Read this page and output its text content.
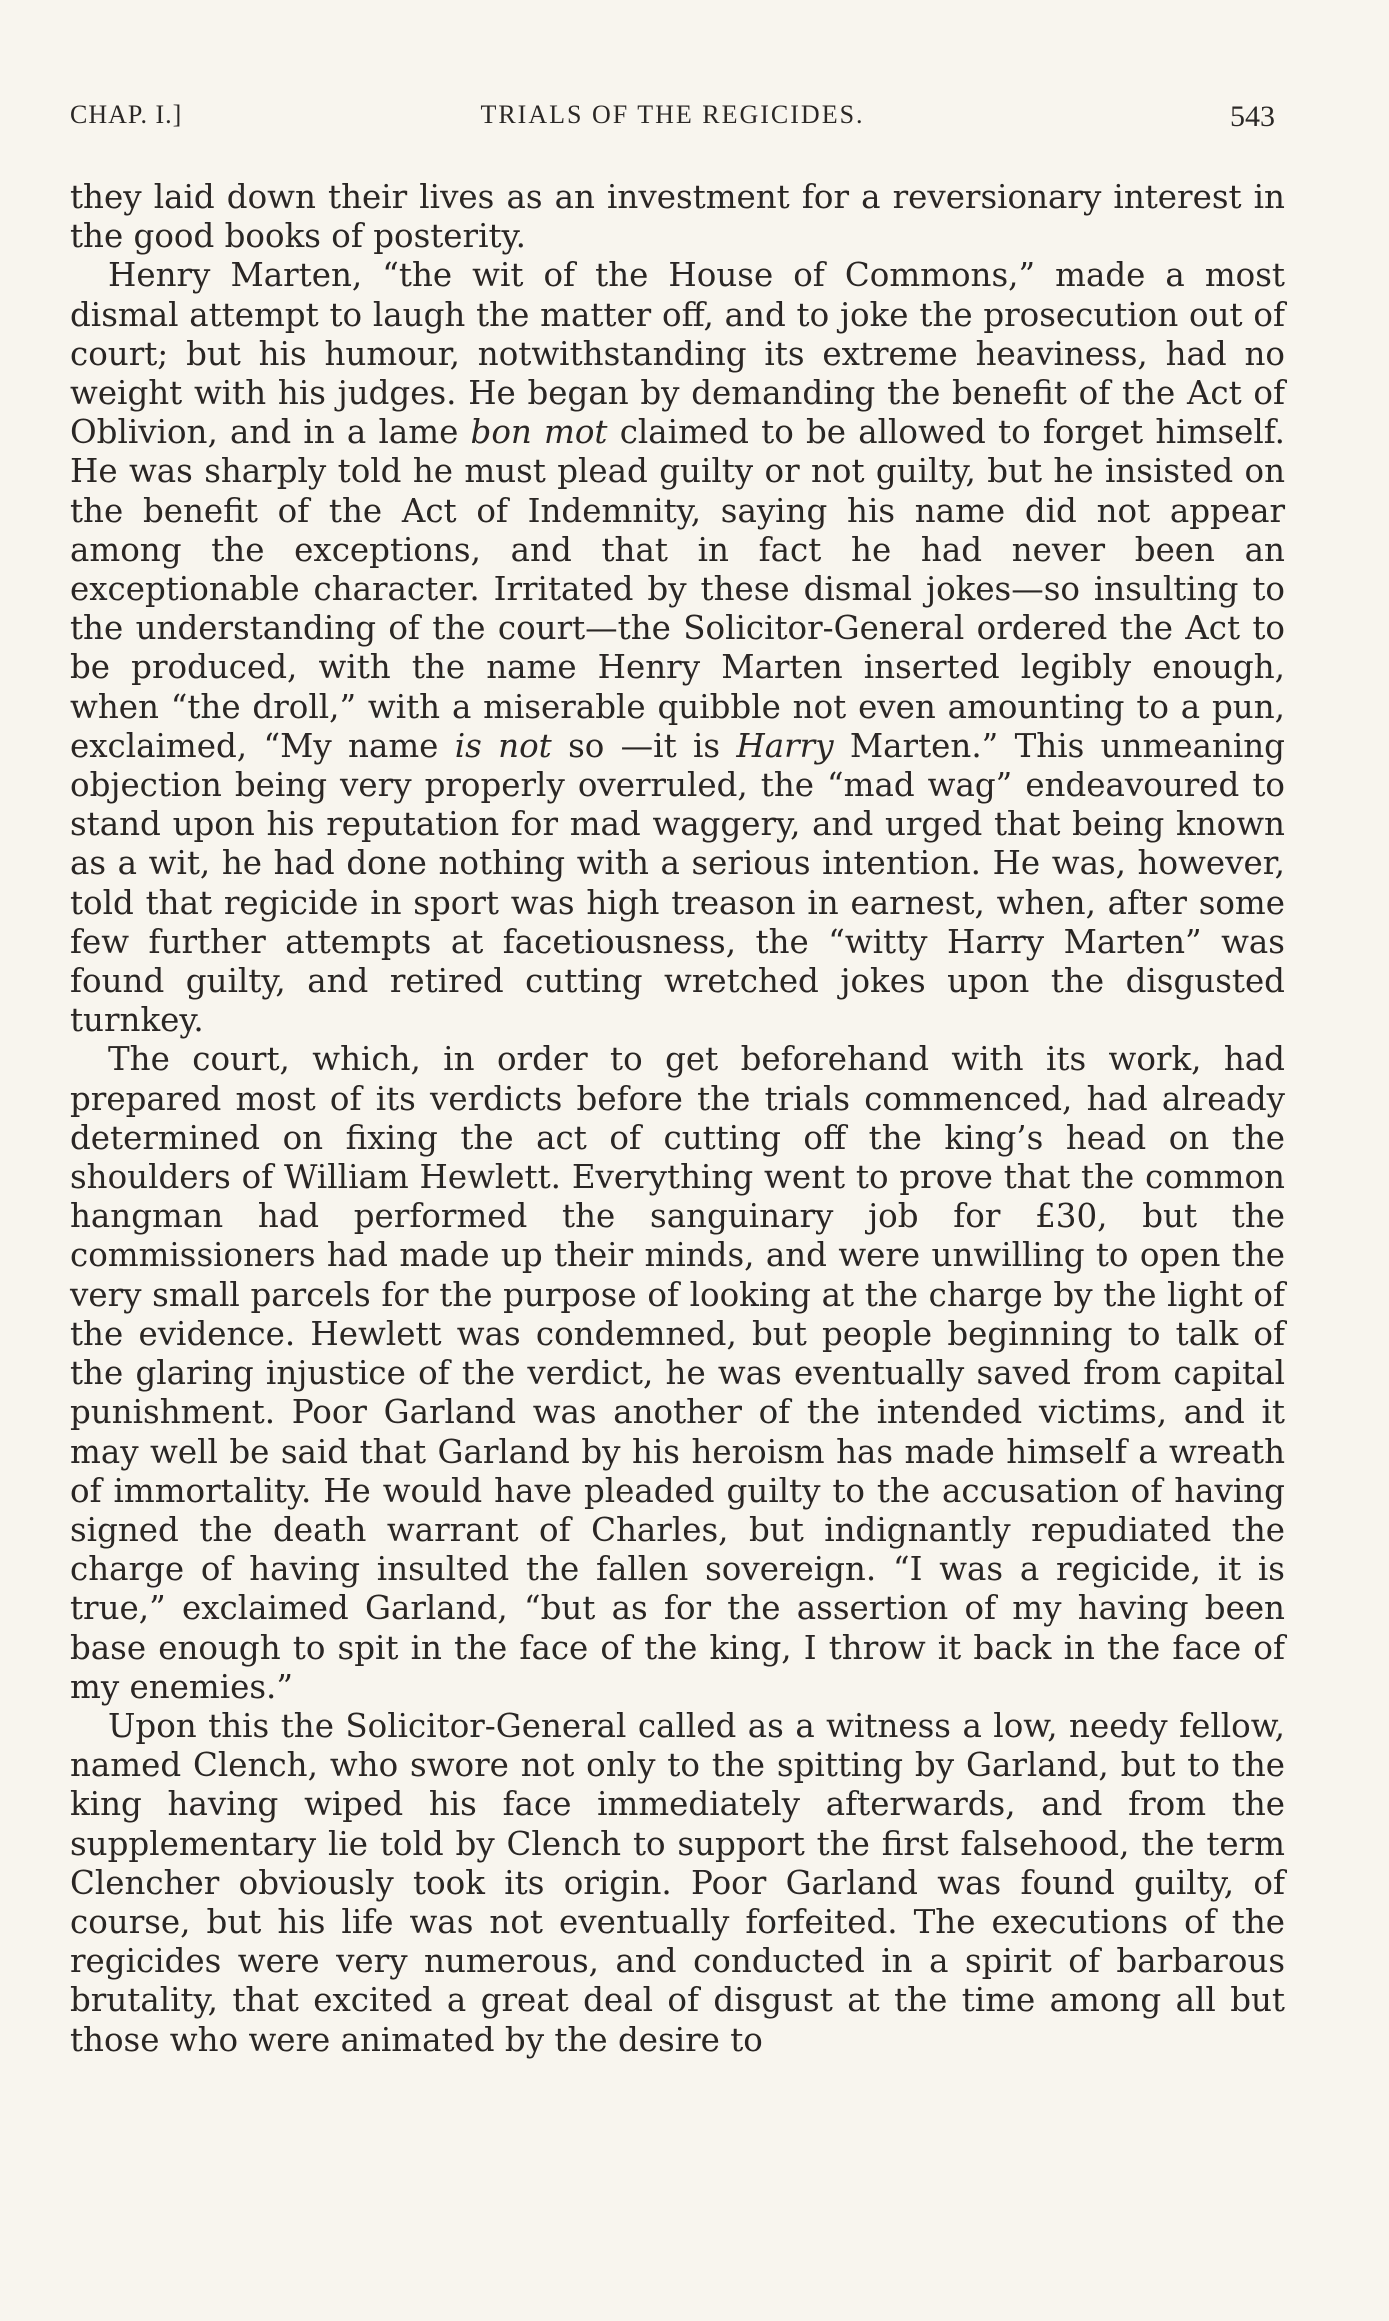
CHAP. I.]	TRIALS OF THE REGICIDES.	543

they laid down their lives as an investment for a reversionary interest in the good books of posterity.

Henry Marten, “the wit of the House of Commons,” made a most dismal attempt to laugh the matter off, and to joke the prosecution out of court; but his humour, notwithstanding its extreme heaviness, had no weight with his judges. He began by demanding the benefit of the Act of Oblivion, and in a lame bon mot claimed to be allowed to forget himself. He was sharply told he must plead guilty or not guilty, but he insisted on the benefit of the Act of Indemnity, saying his name did not appear among the exceptions, and that in fact he had never been an exceptionable character. Irritated by these dismal jokes—so insulting to the understanding of the court—the Solicitor-General ordered the Act to be produced, with the name Henry Marten inserted legibly enough, when “the droll,” with a miserable quibble not even amounting to a pun, exclaimed, “My name is not so —it is Harry Marten.” This unmeaning objection being very properly overruled, the “mad wag” endeavoured to stand upon his reputation for mad waggery, and urged that being known as a wit, he had done nothing with a serious intention. He was, however, told that regicide in sport was high treason in earnest, when, after some few further attempts at facetiousness, the “witty Harry Marten” was found guilty, and retired cutting wretched jokes upon the disgusted turnkey.

The court, which, in order to get beforehand with its work, had prepared most of its verdicts before the trials commenced, had already determined on fixing the act of cutting off the king’s head on the shoulders of William Hewlett. Everything went to prove that the common hangman had performed the sanguinary job for £30, but the commissioners had made up their minds, and were unwilling to open the very small parcels for the purpose of looking at the charge by the light of the evidence. Hewlett was condemned, but people beginning to talk of the glaring injustice of the verdict, he was eventually saved from capital punishment. Poor Garland was another of the intended victims, and it may well be said that Garland by his heroism has made himself a wreath of immortality. He would have pleaded guilty to the accusation of having signed the death warrant of Charles, but indignantly repudiated the charge of having insulted the fallen sovereign. “I was a regicide, it is true,” exclaimed Garland, “but as for the assertion of my having been base enough to spit in the face of the king, I throw it back in the face of my enemies.”

Upon this the Solicitor-General called as a witness a low, needy fellow, named Clench, who swore not only to the spitting by Garland, but to the king having wiped his face immediately afterwards, and from the supplementary lie told by Clench to support the first falsehood, the term Clencher obviously took its origin. Poor Garland was found guilty, of course, but his life was not eventually forfeited. The executions of the regicides were very numerous, and conducted in a spirit of barbarous brutality, that excited a great deal of disgust at the time among all but those who were animated by the desire to
